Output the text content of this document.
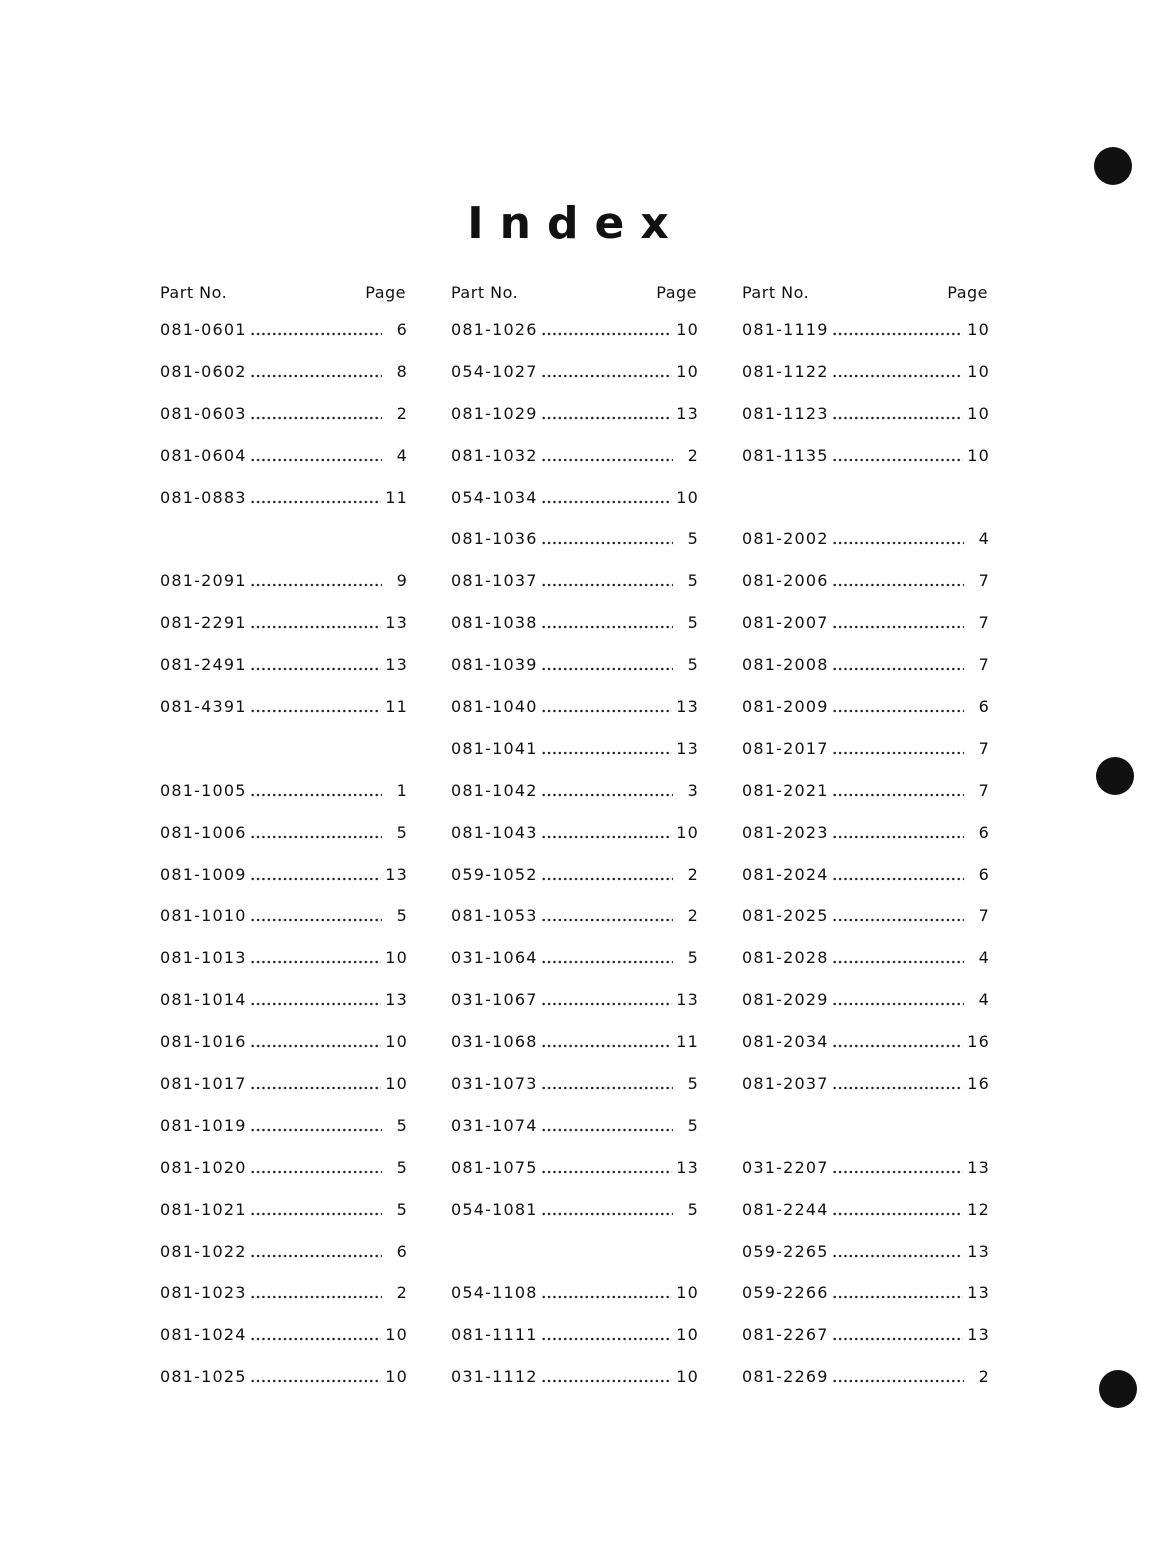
Index
Part No.	Page
081-0601	6
081-0602	8
081-0603	2
081-0604	4
081-0883	11
081-2091	9
081-2291	13
081-2491	13
081-4391	11
081-1005	1
081-1006	5
081-1009	13
081-1010	5
081-1013	10
081-1014	13
081-1016	10
081-1017	10
081-1019	5
081-1020	5
081-1021	5
081-1022	6
081-1023	2
081-1024	10
081-1025	10
Part No.	Page
081-1026	10
054-1027	10
081-1029	13
081-1032	2
054-1034	10
081-1036	5
081-1037	5
081-1038	5
081-1039	5
081-1040	13
081-1041	13
081-1042	3
081-1043	10
059-1052	2
081-1053	2
031-1064	5
031-1067	13
031-1068	11
031-1073	5
031-1074	5
081-1075	13
054-1081	5
054-1108	10
081-1111	10
031-1112	10
Part No.	Page
081-1119	10
081-1122	10
081-1123	10
081-1135	10
081-2002	4
081-2006	7
081-2007	7
081-2008	7
081-2009	6
081-2017	7
081-2021	7
081-2023	6
081-2024	6
081-2025	7
081-2028	4
081-2029	4
081-2034	16
081-2037	16
031-2207	13
081-2244	12
059-2265	13
059-2266	13
081-2267	13
081-2269	2
